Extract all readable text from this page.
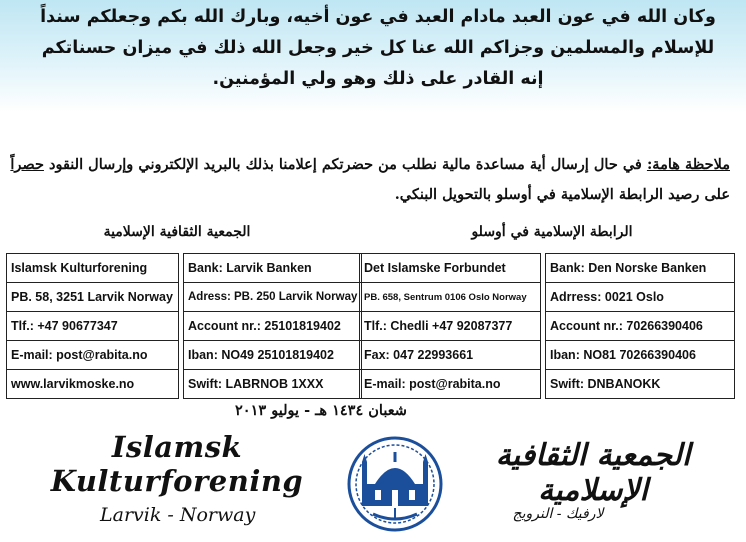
وكان الله في عون العبد مادام العبد في عون أخيه، وبارك الله بكم وجعلكم سنداً
للإسلام والمسلمين وجزاكم الله عنا كل خير وجعل الله ذلك في ميزان حسناتكم
إنه القادر على ذلك وهو ولي المؤمنين.
ملاحظة هامة: في حال إرسال أية مساعدة مالية نطلب من حضرتكم إعلامنا بذلك بالبريد الإلكتروني وإرسال النقود حصراً على رصيد الرابطة الإسلامية في أوسلو بالتحويل البنكي.
الجمعية الثقافية الإسلامية	الرابطة الإسلامية في أوسلو
Islamsk Kulturforening		Bank: Larvik Banken
PB. 58, 3251 Larvik Norway		Adress: PB. 250 Larvik Norway
Tlf.: +47 90677347		Account nr.: 25101819402
E-mail: post@rabita.no		Iban: NO49 25101819402
www.larvikmoske.no		Swift: LABRNOB 1XXX
Det Islamske Forbundet		Bank: Den Norske Banken
PB. 658, Sentrum 0106 Oslo Norway		Adrress: 0021 Oslo
Tlf.: Chedli +47 92087377		Account nr.: 70266390406
Fax: 047 22993661		Iban: NO81 70266390406
E-mail: post@rabita.no		Swift: DNBANOKK
شعبان ١٤٣٤ هـ - يوليو ٢٠١٣
Islamsk Kulturforening
Larvik - Norway
الجمعية الثقافية الإسلامية
لارفيك - النرويج
